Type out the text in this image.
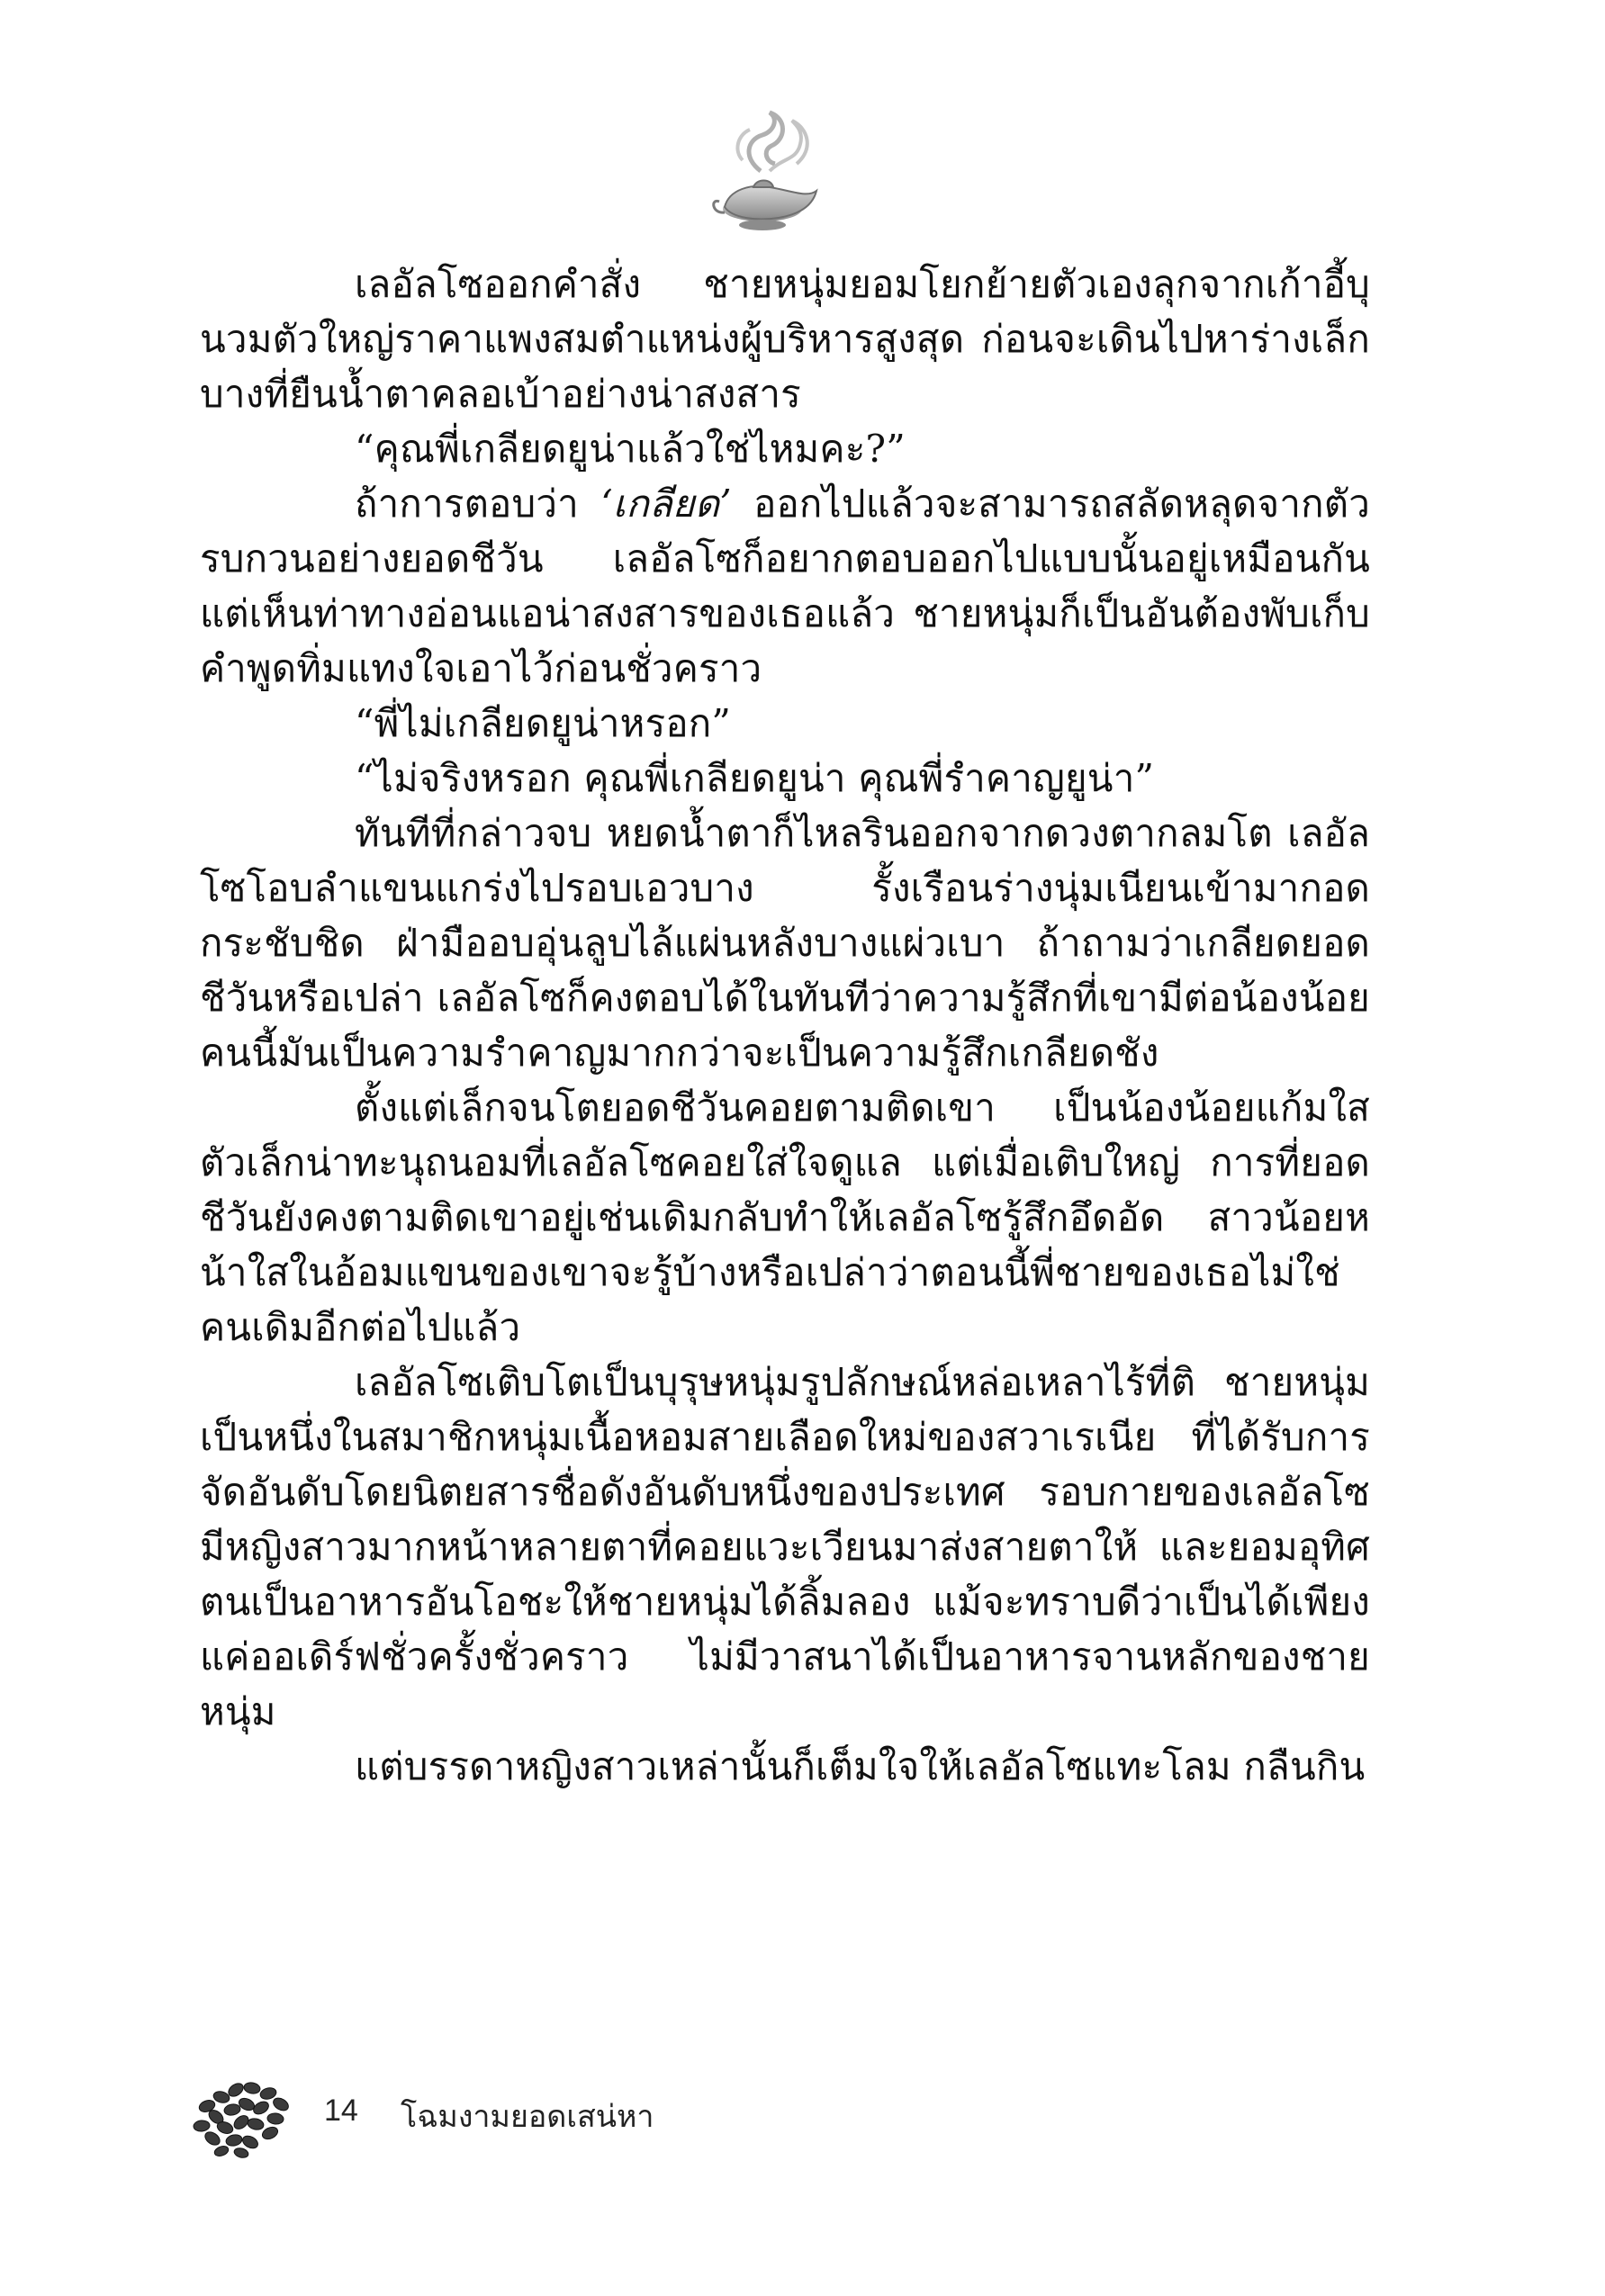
เลอัลโซออกคำสั่ง ชายหนุ่มยอมโยกย้ายตัวเองลุกจากเก้าอี้บุนวมตัวใหญ่ราคาแพงสมตำแหน่งผู้บริหารสูงสุด ก่อนจะเดินไปหาร่างเล็กบางที่ยืนน้ำตาคลอเบ้าอย่างน่าสงสาร

“คุณพี่เกลียดยูน่าแล้วใช่ไหมคะ?”

ถ้าการตอบว่า ‘เกลียด’ ออกไปแล้วจะสามารถสลัดหลุดจากตัวรบกวนอย่างยอดชีวัน เลอัลโซก็อยากตอบออกไปแบบนั้นอยู่เหมือนกัน แต่เห็นท่าทางอ่อนแอน่าสงสารของเธอแล้ว ชายหนุ่มก็เป็นอันต้องพับเก็บคำพูดทิ่มแทงใจเอาไว้ก่อนชั่วคราว

“พี่ไม่เกลียดยูน่าหรอก”

“ไม่จริงหรอก คุณพี่เกลียดยูน่า คุณพี่รำคาญยูน่า”

ทันทีที่กล่าวจบ หยดน้ำตาก็ไหลรินออกจากดวงตากลมโต เลอัลโซโอบลำแขนแกร่งไปรอบเอวบาง รั้งเรือนร่างนุ่มเนียนเข้ามากอดกระชับชิด ฝ่ามืออบอุ่นลูบไล้แผ่นหลังบางแผ่วเบา ถ้าถามว่าเกลียดยอดชีวันหรือเปล่า เลอัลโซก็คงตอบได้ในทันทีว่าความรู้สึกที่เขามีต่อน้องน้อยคนนี้มันเป็นความรำคาญมากกว่าจะเป็นความรู้สึกเกลียดชัง

ตั้งแต่เล็กจนโตยอดชีวันคอยตามติดเขา เป็นน้องน้อยแก้มใสตัวเล็กน่าทะนุถนอมที่เลอัลโซคอยใส่ใจดูแล แต่เมื่อเติบใหญ่ การที่ยอดชีวันยังคงตามติดเขาอยู่เช่นเดิมกลับทำให้เลอัลโซรู้สึกอึดอัด สาวน้อยหน้าใสในอ้อมแขนของเขาจะรู้บ้างหรือเปล่าว่าตอนนี้พี่ชายของเธอไม่ใช่คนเดิมอีกต่อไปแล้ว

เลอัลโซเติบโตเป็นบุรุษหนุ่มรูปลักษณ์หล่อเหลาไร้ที่ติ ชายหนุ่มเป็นหนึ่งในสมาชิกหนุ่มเนื้อหอมสายเลือดใหม่ของสวาเรเนีย ที่ได้รับการจัดอันดับโดยนิตยสารชื่อดังอันดับหนึ่งของประเทศ รอบกายของเลอัลโซมีหญิงสาวมากหน้าหลายตาที่คอยแวะเวียนมาส่งสายตาให้ และยอมอุทิศตนเป็นอาหารอันโอชะให้ชายหนุ่มได้ลิ้มลอง แม้จะทราบดีว่าเป็นได้เพียงแค่ออเดิร์ฟชั่วครั้งชั่วคราว ไม่มีวาสนาได้เป็นอาหารจานหลักของชายหนุ่ม

แต่บรรดาหญิงสาวเหล่านั้นก็เต็มใจให้เลอัลโซแทะโลม กลืนกิน

14 โฉมงามยอดเสน่หา
